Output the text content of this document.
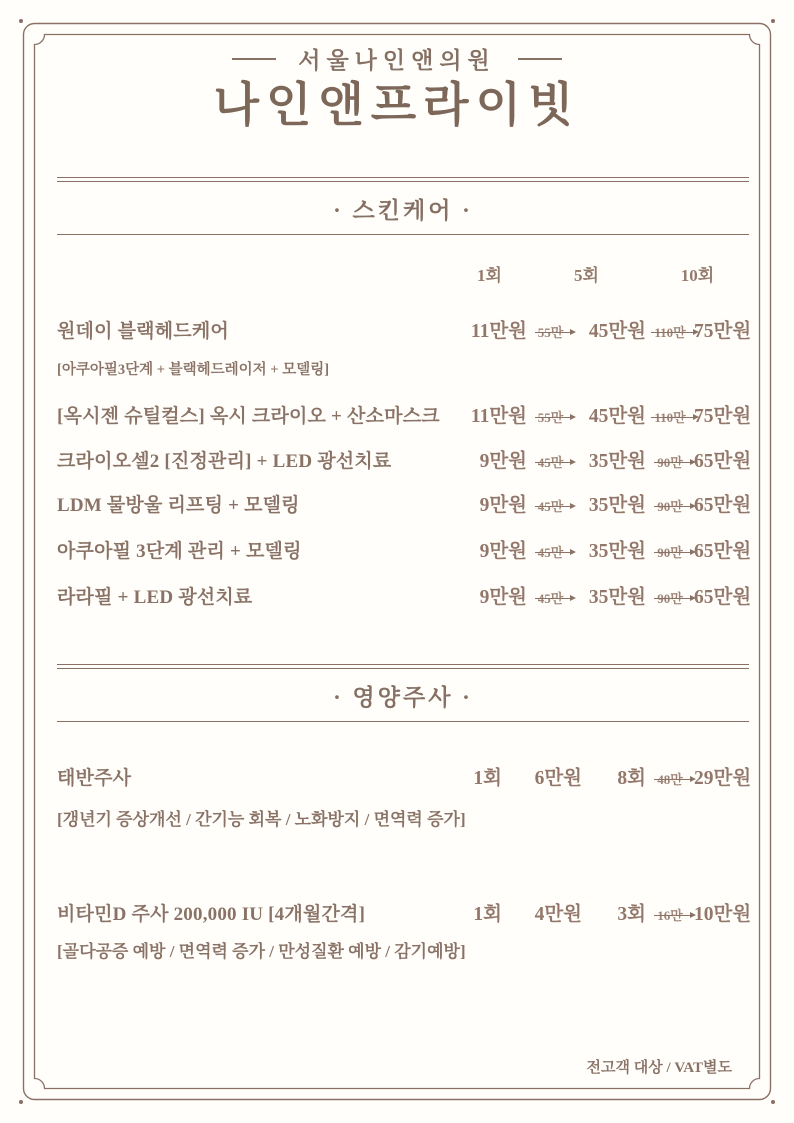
서울나인앤의원
나인앤프라이빗
· 스킨케어 ·
1회	5회	10회
원데이 블랙헤드케어	11만원 55만	45만원 110만 75만원
[아쿠아필3단계 + 블랙헤드레이저 + 모델링]
[옥시젠 슈틸컬스] 옥시 크라이오 + 산소마스크	11만원 55만	45만원 110만 75만원
크라이오셀2 [진정관리] + LED 광선치료	9만원 45만	35만원 90만 65만원
LDM 물방울 리프팅 + 모델링	9만원 45만	35만원 90만 65만원
아쿠아필 3단계 관리 + 모델링	9만원 45만	35만원 90만 65만원
라라필 + LED 광선치료	9만원 45만	35만원 90만 65만원
· 영양주사 ·
태반주사	1회	6만원	8회 48만 29만원
[갱년기 증상개선 / 간기능 회복 / 노화방지 / 면역력 증가]
비타민D 주사 200,000 IU [4개월간격]	1회	4만원	3회 16만 10만원
[골다공증 예방 / 면역력 증가 / 만성질환 예방 / 감기예방]
전고객 대상 / VAT별도
